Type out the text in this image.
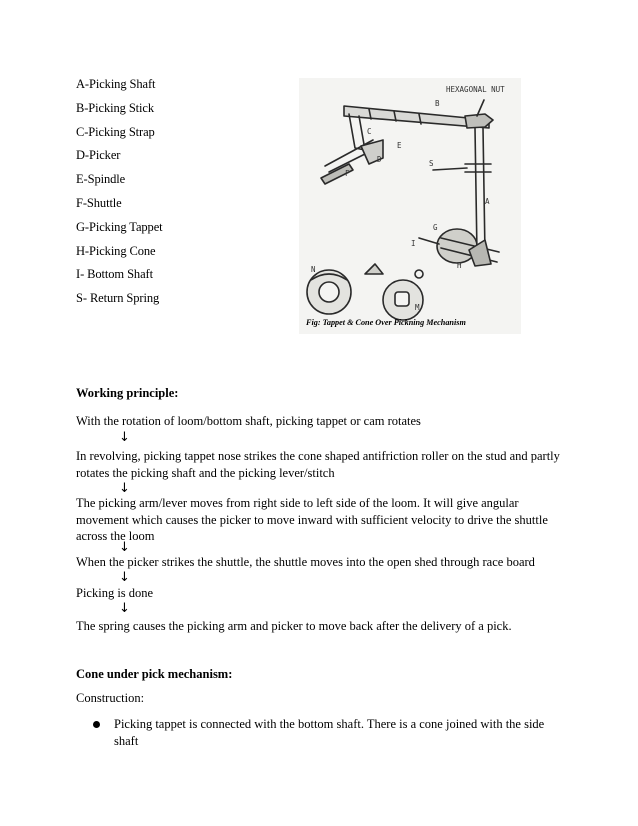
A-Picking Shaft
B-Picking Stick
C-Picking Strap
D-Picker
E-Spindle
F-Shuttle
G-Picking Tappet
H-Picking Cone
I- Bottom Shaft
S- Return Spring
HEXAGONAL NUT
B
C
E
D
F
S
A
G
I
H
N
M
Fig: Tappet & Cone Over Pickning Mechanism
Working principle:
With the rotation of loom/bottom shaft, picking tappet or cam rotates
↓
In revolving, picking tappet nose strikes the cone shaped antifriction roller on the stud and partly rotates the picking shaft and the picking lever/stitch
↓
The picking arm/lever moves from right side to left side of the loom. It will give angular movement which causes the picker to move inward with sufficient velocity to drive the shuttle across the loom
↓
When the picker strikes the shuttle, the shuttle moves into the open shed through race board
↓
Picking is done
↓
The spring causes the picking arm and picker to move back after the delivery of a pick.
Cone under pick mechanism:
Construction:
Picking tappet is connected with the bottom shaft. There is a cone joined with the side shaft
